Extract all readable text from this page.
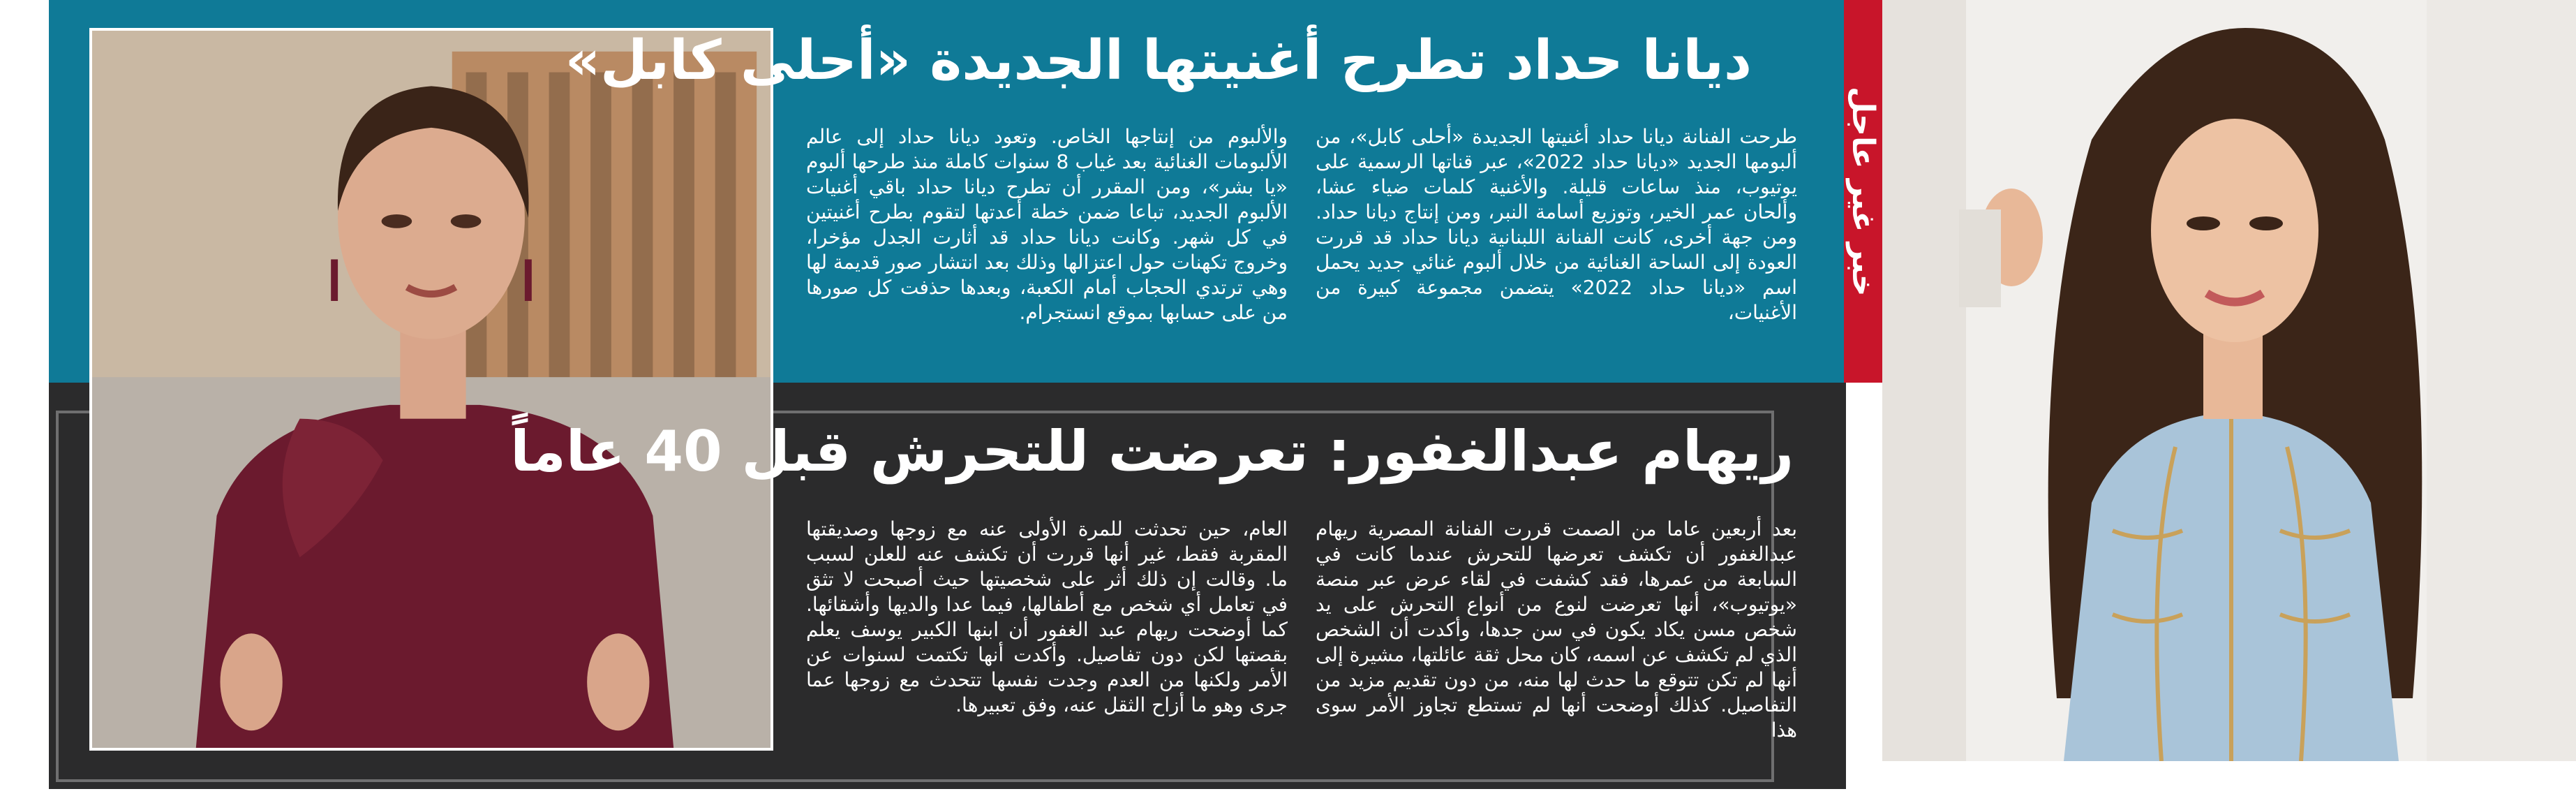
خبر غير عاجل
ديانا حداد تطرح أغنيتها الجديدة «أحلى كابل»
طرحت الفنانة ديانا حداد أغنيتها الجديدة «أحلى كابل»، من ألبومها الجديد «ديانا حداد 2022»، عبر قناتها الرسمية على يوتيوب، منذ ساعات قليلة. والأغنية كلمات ضياء عشا، وألحان عمر الخير، وتوزيع أسامة النبر، ومن إنتاج ديانا حداد. ومن جهة أخرى، كانت الفنانة اللبنانية ديانا حداد قد قررت العودة إلى الساحة الغنائية من خلال ألبوم غنائي جديد يحمل اسم «ديانا حداد 2022» يتضمن مجموعة كبيرة من الأغنيات،
والألبوم من إنتاجها الخاص. وتعود ديانا حداد إلى عالم الألبومات الغنائية بعد غياب 8 سنوات كاملة منذ طرحها ألبوم «يا بشر»، ومن المقرر أن تطرح ديانا حداد باقي أغنيات الألبوم الجديد، تباعا ضمن خطة أعدتها لتقوم بطرح أغنيتين في كل شهر. وكانت ديانا حداد قد أثارت الجدل مؤخرا، وخروج تكهنات حول اعتزالها وذلك بعد انتشار صور قديمة لها وهي ترتدي الحجاب أمام الكعبة، وبعدها حذفت كل صورها من على حسابها بموقع انستجرام.
ريهام عبدالغفور: تعرضت للتحرش قبل 40 عاماً
بعد أربعين عاما من الصمت قررت الفنانة المصرية ريهام عبدالغفور أن تكشف تعرضها للتحرش عندما كانت في السابعة من عمرها، فقد كشفت في لقاء عرض عبر منصة «يوتيوب»، أنها تعرضت لنوع من أنواع التحرش على يد شخص مسن يكاد يكون في سن جدها، وأكدت أن الشخص الذي لم تكشف عن اسمه، كان محل ثقة عائلتها، مشيرة إلى أنها لم تكن تتوقع ما حدث لها منه، من دون تقديم مزيد من التفاصيل. كذلك أوضحت أنها لم تستطع تجاوز الأمر سوى هذا
العام، حين تحدثت للمرة الأولى عنه مع زوجها وصديقتها المقربة فقط، غير أنها قررت أن تكشف عنه للعلن لسبب ما. وقالت إن ذلك أثر على شخصيتها حيث أصبحت لا تثق في تعامل أي شخص مع أطفالها، فيما عدا والديها وأشقائها. كما أوضحت ريهام عبد الغفور أن ابنها الكبير يوسف يعلم بقصتها لكن دون تفاصيل. وأكدت أنها تكتمت لسنوات عن الأمر ولكنها من العدم وجدت نفسها تتحدث مع زوجها عما جرى وهو ما أزاح الثقل عنه، وفق تعبيرها.
